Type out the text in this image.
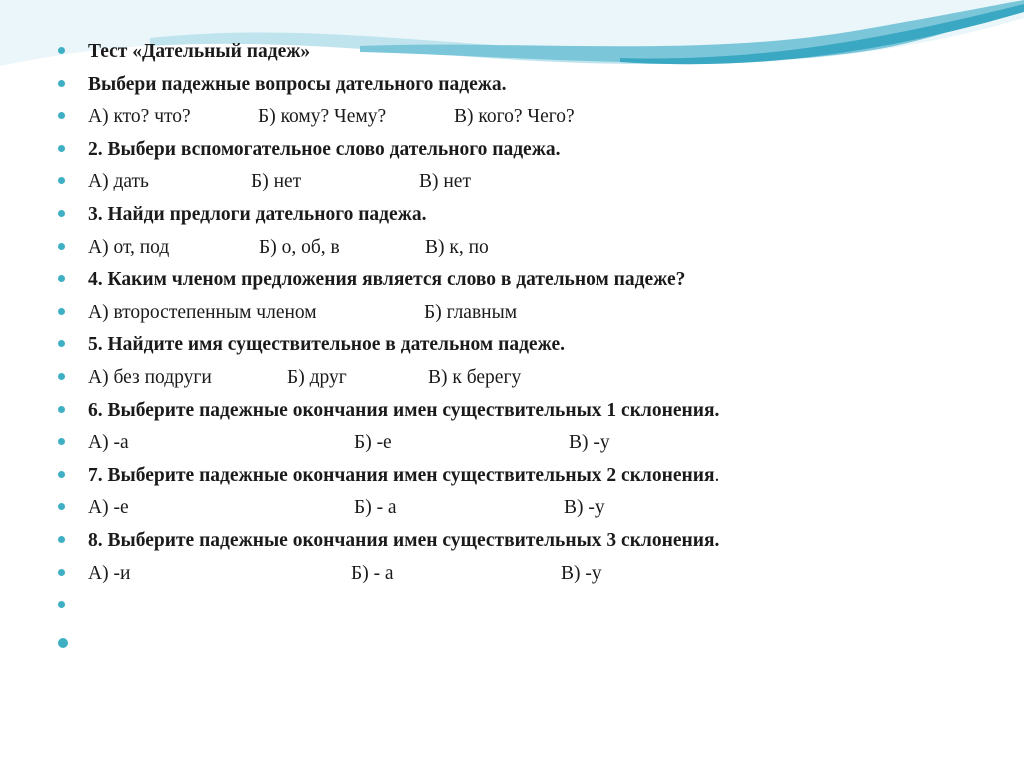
Тест «Дательный падеж»
Выбери падежные вопросы дательного падежа.
А) кто? что?	Б) кому? Чему?	В) кого? Чего?
2. Выбери вспомогательное слово дательного падежа.
А) дать	Б) нет	В) нет
3. Найди предлоги дательного падежа.
А) от, под	Б) о, об, в	В) к, по
4. Каким членом предложения является слово в дательном падеже?
А) второстепенным членом	Б) главным
5. Найдите имя существительное в дательном падеже.
А) без подруги	Б) друг	В) к берегу
6. Выберите падежные окончания имен существительных 1 склонения.
А) -а	Б) -е	В) -у
7. Выберите падежные окончания имен существительных 2 склонения.
А) -е	Б) - а	В) -у
8. Выберите падежные окончания имен существительных 3 склонения.
А) -и	Б) - а	В) -у
